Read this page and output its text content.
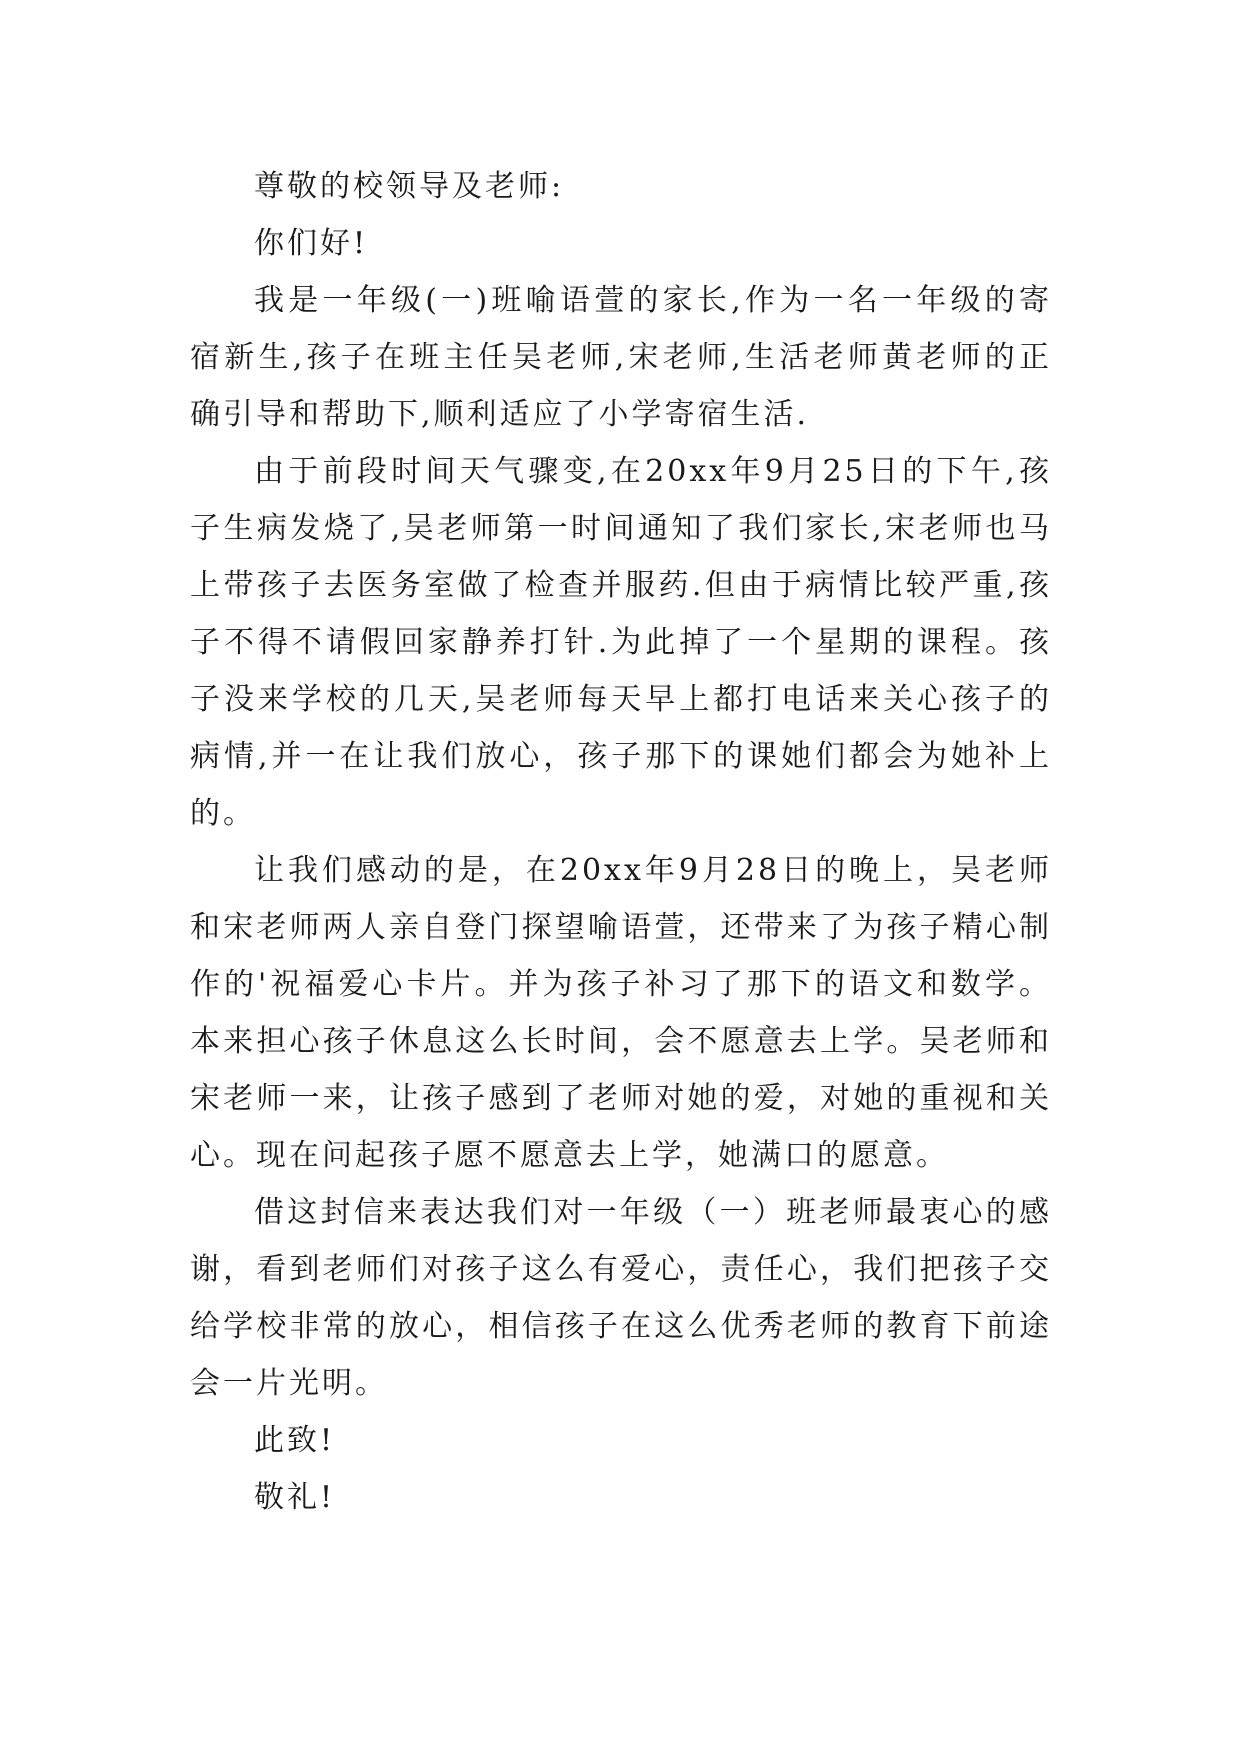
尊敬的校领导及老师:

你们好!

我是一年级(一)班喻语萱的家长,作为一名一年级的寄宿新生,孩子在班主任吴老师,宋老师,生活老师黄老师的正确引导和帮助下,顺利适应了小学寄宿生活.

由于前段时间天气骤变,在20xx年9月25日的下午,孩子生病发烧了,吴老师第一时间通知了我们家长,宋老师也马上带孩子去医务室做了检查并服药.但由于病情比较严重,孩子不得不请假回家静养打针.为此掉了一个星期的课程。孩子没来学校的几天,吴老师每天早上都打电话来关心孩子的病情,并一在让我们放心，孩子那下的课她们都会为她补上的。

让我们感动的是，在20xx年9月28日的晚上，吴老师和宋老师两人亲自登门探望喻语萱，还带来了为孩子精心制作的'祝福爱心卡片。并为孩子补习了那下的语文和数学。本来担心孩子休息这么长时间，会不愿意去上学。吴老师和宋老师一来，让孩子感到了老师对她的爱，对她的重视和关心。现在问起孩子愿不愿意去上学，她满口的愿意。

借这封信来表达我们对一年级（一）班老师最衷心的感谢，看到老师们对孩子这么有爱心，责任心，我们把孩子交给学校非常的放心，相信孩子在这么优秀老师的教育下前途会一片光明。

此致!

敬礼!
